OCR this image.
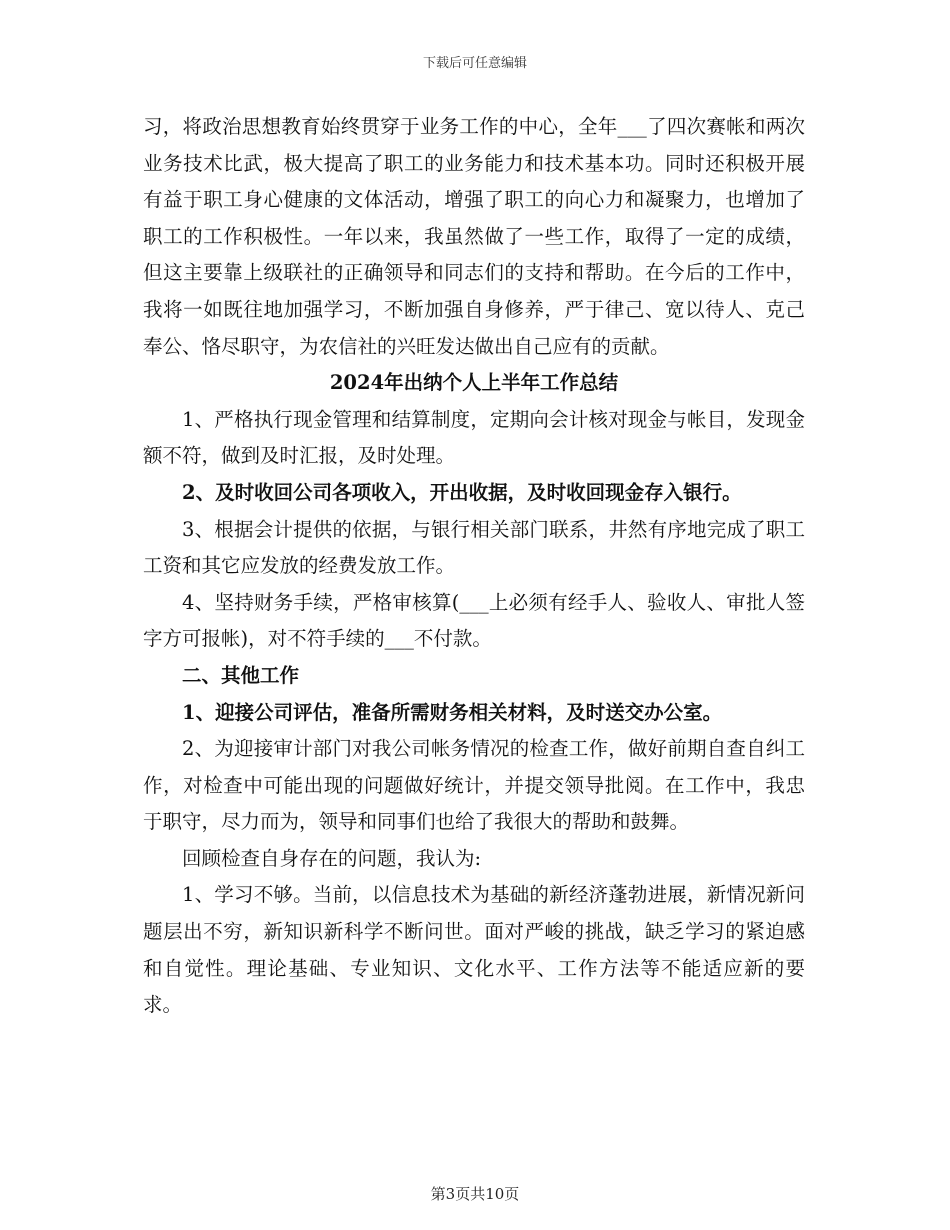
下载后可任意编辑

习，将政治思想教育始终贯穿于业务工作的中心，全年___了四次赛帐和两次业务技术比武，极大提高了职工的业务能力和技术基本功。同时还积极开展有益于职工身心健康的文体活动，增强了职工的向心力和凝聚力，也增加了职工的工作积极性。一年以来，我虽然做了一些工作，取得了一定的成绩，但这主要靠上级联社的正确领导和同志们的支持和帮助。在今后的工作中，我将一如既往地加强学习，不断加强自身修养，严于律己、宽以待人、克己奉公、恪尽职守，为农信社的兴旺发达做出自己应有的贡献。

2024年出纳个人上半年工作总结

1、严格执行现金管理和结算制度，定期向会计核对现金与帐目，发现金额不符，做到及时汇报，及时处理。

2、及时收回公司各项收入，开出收据，及时收回现金存入银行。

3、根据会计提供的依据，与银行相关部门联系，井然有序地完成了职工工资和其它应发放的经费发放工作。

4、坚持财务手续，严格审核算(___上必须有经手人、验收人、审批人签字方可报帐)，对不符手续的___不付款。

二、其他工作

1、迎接公司评估，准备所需财务相关材料，及时送交办公室。

2、为迎接审计部门对我公司帐务情况的检查工作，做好前期自查自纠工作，对检查中可能出现的问题做好统计，并提交领导批阅。在工作中，我忠于职守，尽力而为，领导和同事们也给了我很大的帮助和鼓舞。

回顾检查自身存在的问题，我认为:

1、学习不够。当前，以信息技术为基础的新经济蓬勃进展，新情况新问题层出不穷，新知识新科学不断问世。面对严峻的挑战，缺乏学习的紧迫感和自觉性。理论基础、专业知识、文化水平、工作方法等不能适应新的要求。

第3页共10页
